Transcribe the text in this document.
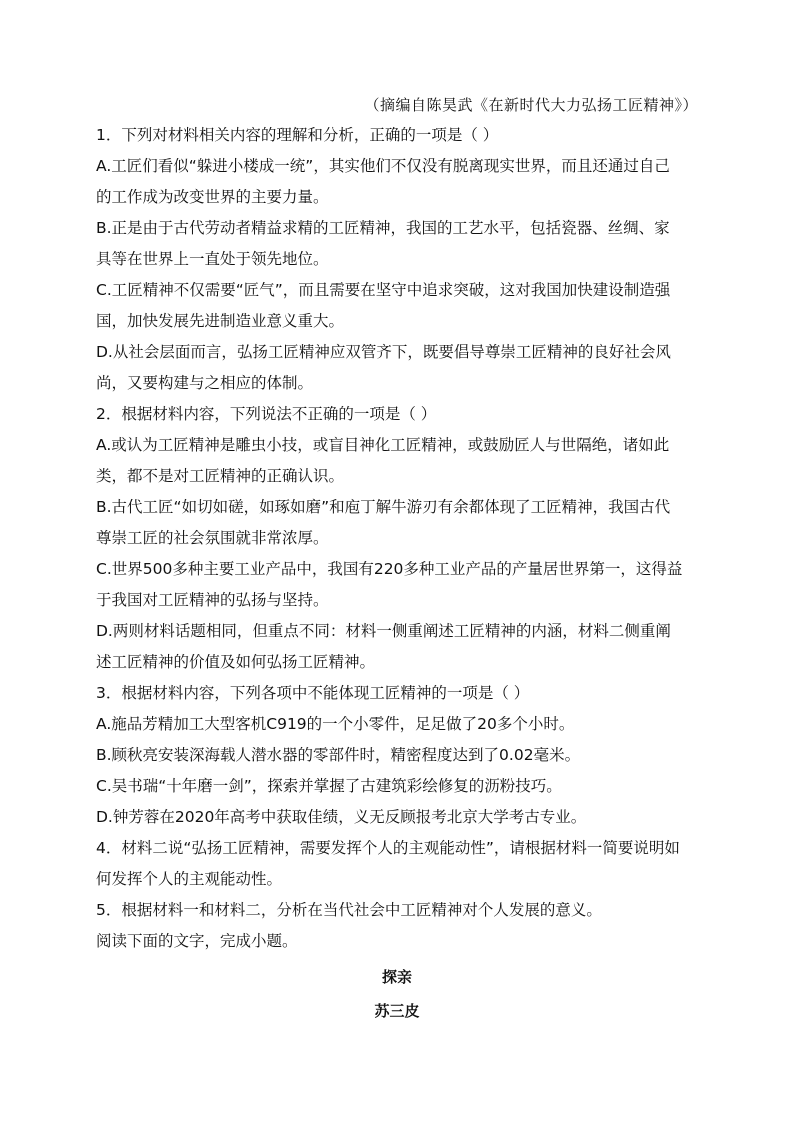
（摘编自陈昊武《在新时代大力弘扬工匠精神》）
1．下列对材料相关内容的理解和分析，正确的一项是（ ）
A.工匠们看似“躲进小楼成一统”，其实他们不仅没有脱离现实世界，而且还通过自己
的工作成为改变世界的主要力量。
B.正是由于古代劳动者精益求精的工匠精神，我国的工艺水平，包括瓷器、丝绸、家
具等在世界上一直处于领先地位。
C.工匠精神不仅需要“匠气”，而且需要在坚守中追求突破，这对我国加快建设制造强
国，加快发展先进制造业意义重大。
D.从社会层面而言，弘扬工匠精神应双管齐下，既要倡导尊崇工匠精神的良好社会风
尚，又要构建与之相应的体制。
2．根据材料内容，下列说法不正确的一项是（ ）
A.或认为工匠精神是雕虫小技，或盲目神化工匠精神，或鼓励匠人与世隔绝，诸如此
类，都不是对工匠精神的正确认识。
B.古代工匠“如切如磋，如琢如磨”和庖丁解牛游刃有余都体现了工匠精神，我国古代
尊崇工匠的社会氛围就非常浓厚。
C.世界500多种主要工业产品中，我国有220多种工业产品的产量居世界第一，这得益
于我国对工匠精神的弘扬与坚持。
D.两则材料话题相同，但重点不同：材料一侧重阐述工匠精神的内涵，材料二侧重阐
述工匠精神的价值及如何弘扬工匠精神。
3．根据材料内容，下列各项中不能体现工匠精神的一项是（ ）
A.施品芳精加工大型客机C919的一个小零件，足足做了20多个小时。
B.顾秋亮安装深海载人潜水器的零部件时，精密程度达到了0.02毫米。
C.吴书瑞“十年磨一剑”，探索并掌握了古建筑彩绘修复的沥粉技巧。
D.钟芳蓉在2020年高考中获取佳绩，义无反顾报考北京大学考古专业。
4．材料二说“弘扬工匠精神，需要发挥个人的主观能动性”，请根据材料一简要说明如
何发挥个人的主观能动性。
5．根据材料一和材料二，分析在当代社会中工匠精神对个人发展的意义。
阅读下面的文字，完成小题。
探亲
苏三皮
